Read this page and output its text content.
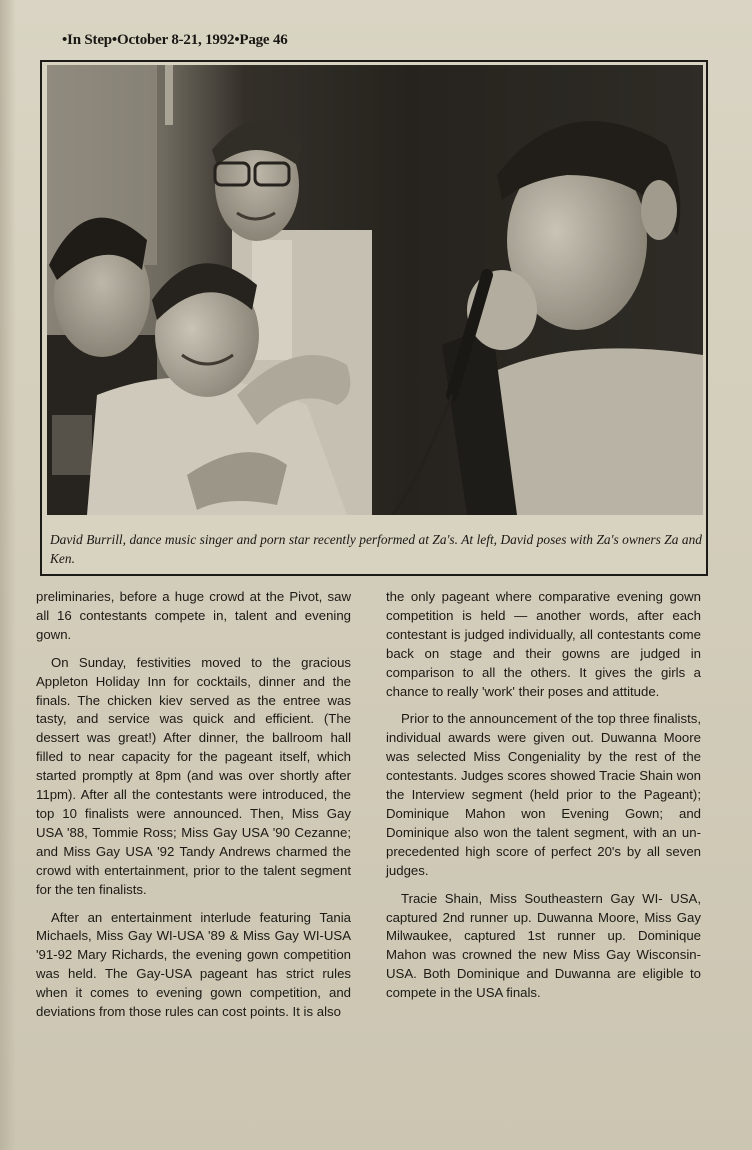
•In Step•October 8-21, 1992•Page 46
David Burrill, dance music singer and porn star recently performed at Za's. At left, David poses with Za's owners Za and Ken.

preliminaries, before a huge crowd at the Pivot, saw all 16 contestants compete in, talent and evening gown.

On Sunday, festivities moved to the gracious Appleton Holiday Inn for cocktails, dinner and the finals. The chicken kiev served as the entree was tasty, and service was quick and efficient. (The dessert was great!) After dinner, the ballroom hall filled to near capacity for the pageant itself, which started promptly at 8pm (and was over shortly after 11pm). After all the contestants were introduced, the top 10 finalists were announced. Then, Miss Gay USA '88, Tommie Ross; Miss Gay USA '90 Cezanne; and Miss Gay USA '92 Tandy Andrews charmed the crowd with entertainment, prior to the talent segment for the ten finalists.

After an entertainment interlude featuring Tania Michaels, Miss Gay WI-USA '89 & Miss Gay WI-USA '91-92 Mary Richards, the evening gown competition was held. The Gay-USA pageant has strict rules when it comes to evening gown competition, and deviations from those rules can cost points. It is also

the only pageant where comparative evening gown competition is held — another words, after each contestant is judged individually, all contestants come back on stage and their gowns are judged in comparison to all the others. It gives the girls a chance to really 'work' their poses and attitude.

Prior to the announcement of the top three finalists, individual awards were given out. Duwanna Moore was selected Miss Congeniality by the rest of the contestants. Judges scores showed Tracie Shain won the Interview segment (held prior to the Pageant); Dominique Mahon won Evening Gown; and Dominique also won the talent segment, with an un-precedented high score of perfect 20's by all seven judges.

Tracie Shain, Miss Southeastern Gay WI- USA, captured 2nd runner up. Duwanna Moore, Miss Gay Milwaukee, captured 1st runner up. Dominique Mahon was crowned the new Miss Gay Wisconsin-USA. Both Dominique and Duwanna are eligible to compete in the USA finals.
